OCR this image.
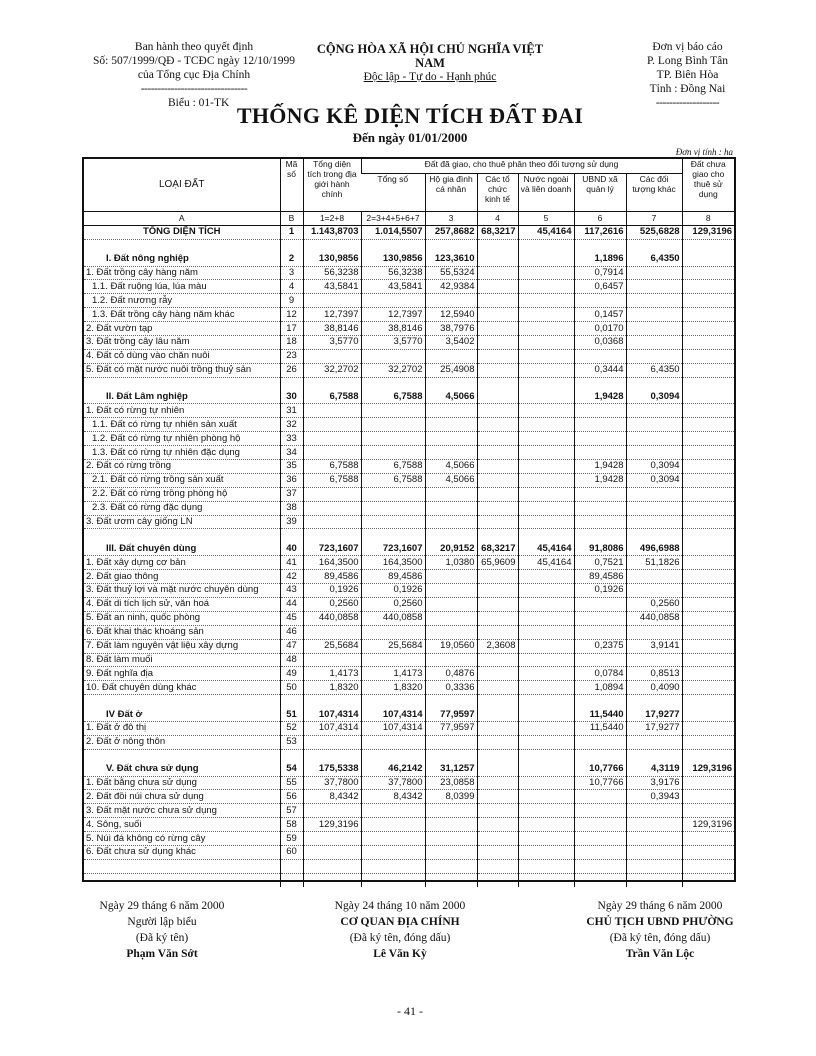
Ban hành theo quyết định
Số: 507/1999/QĐ - TCĐC ngày 12/10/1999
của Tổng cục Địa Chính
--------------------------------
CỘNG HÒA XÃ HỘI CHỦ NGHĨA VIỆT NAM
Độc lập - Tự do - Hạnh phúc
Đơn vị báo cáo
P. Long Bình Tân
TP. Biên Hòa
Tỉnh : Đồng Nai
-------------------
Biểu : 01-TK THỐNG KÊ DIỆN TÍCH ĐẤT ĐAI
Đến ngày 01/01/2000
Đơn vị tính : ha
LOẠI ĐẤT	Mã số	Tổng diện tích trong địa giới hành chính	Đất đã giao, cho thuê phân theo đối tượng sử dụng						Đất chưa giao cho thuê sử dụng
			Tổng số	Hộ gia đình cá nhân	Các tổ chức kinh tế	Nước ngoài và liên doanh	UBND xã quản lý	Các đối tượng khác	
A	B	1=2+8	2=3+4+5+6+7	3	4	5	6	7	8
TỔNG DIỆN TÍCH	1	1.143,8703	1.014,5507	257,8682	68,3217	45,4164	117,2616	525,6828	129,3196

I. Đất nông nghiệp	2	130,9856	130,9856	123,3610			1,1896	6,4350	
1. Đất trồng cây hàng năm	3	56,3238	56,3238	55,5324			0,7914		
1.1. Đất ruộng lúa, lúa màu	4	43,5841	43,5841	42,9384			0,6457		
1.2. Đất nương rẫy	9								
1.3. Đất trồng cây hàng năm khác	12	12,7397	12,7397	12,5940			0,1457		
2. Đất vườn tạp	17	38,8146	38,8146	38,7976			0,0170		
3. Đất trồng cây lâu năm	18	3,5770	3,5770	3,5402			0,0368		
4. Đất cỏ dùng vào chăn nuôi	23								
5. Đất có mặt nước nuôi trồng thuỷ sản	26	32,2702	32,2702	25,4908			0,3444	6,4350	

II. Đất Lâm nghiệp	30	6,7588	6,7588	4,5066			1,9428	0,3094	
1. Đất có rừng tự nhiên	31								
1.1. Đất có rừng tự nhiên sản xuất	32								
1.2. Đất có rừng tự nhiên phòng hộ	33								
1.3. Đất có rừng tự nhiên đặc dụng	34								
2. Đất có rừng trồng	35	6,7588	6,7588	4,5066			1,9428	0,3094	
2.1. Đất có rừng trồng sản xuất	36	6,7588	6,7588	4,5066			1,9428	0,3094	
2.2. Đất có rừng trồng phòng hộ	37								
2.3. Đất có rừng đặc dụng	38								
3. Đất ươm cây giống LN	39								

III. Đất chuyên dùng	40	723,1607	723,1607	20,9152	68,3217	45,4164	91,8086	496,6988	
1. Đất xây dựng cơ bản	41	164,3500	164,3500	1,0380	65,9609	45,4164	0,7521	51,1826	
2. Đất giao thông	42	89,4586	89,4586				89,4586		
3. Đất thuỷ lợi và mặt nước chuyên dùng	43	0,1926	0,1926				0,1926		
4. Đất di tích lịch sử, văn hoá	44	0,2560	0,2560					0,2560	
5. Đất an ninh, quốc phòng	45	440,0858	440,0858					440,0858	
6. Đất khai thác khoáng sản	46								
7. Đất làm nguyên vật liệu xây dựng	47	25,5684	25,5684	19,0560	2,3608		0,2375	3,9141	
8. Đất làm muối	48								
9. Đất nghĩa địa	49	1,4173	1,4173	0,4876			0,0784	0,8513	
10. Đất chuyên dùng khác	50	1,8320	1,8320	0,3336			1,0894	0,4090	

IV Đất ở	51	107,4314	107,4314	77,9597			11,5440	17,9277	
1. Đất ở đô thị	52	107,4314	107,4314	77,9597			11,5440	17,9277	
2. Đất ở nông thôn	53								

V. Đất chưa sử dụng	54	175,5338	46,2142	31,1257			10,7766	4,3119	129,3196
1. Đất bằng chưa sử dụng	55	37,7800	37,7800	23,0858			10,7766	3,9176	
2. Đất đồi núi chưa sử dụng	56	8,4342	8,4342	8,0399				0,3943	
3. Đất mặt nước chưa sử dụng	57								
4. Sông, suối	58	129,3196							129,3196
5. Núi đá không có rừng cây	59								
6. Đất chưa sử dụng khác	60								

Ngày 29 tháng 6 năm 2000
Người lập biểu
(Đã ký tên)
Phạm Văn Sớt
Ngày 24 tháng 10 năm 2000
CƠ QUAN ĐỊA CHÍNH
(Đã ký tên, đóng dấu)
Lê Văn Kỳ
Ngày 29 tháng 6 năm 2000
CHỦ TỊCH UBND PHƯỜNG
(Đã ký tên, đóng dấu)
Trần Văn Lộc
- 41 -
